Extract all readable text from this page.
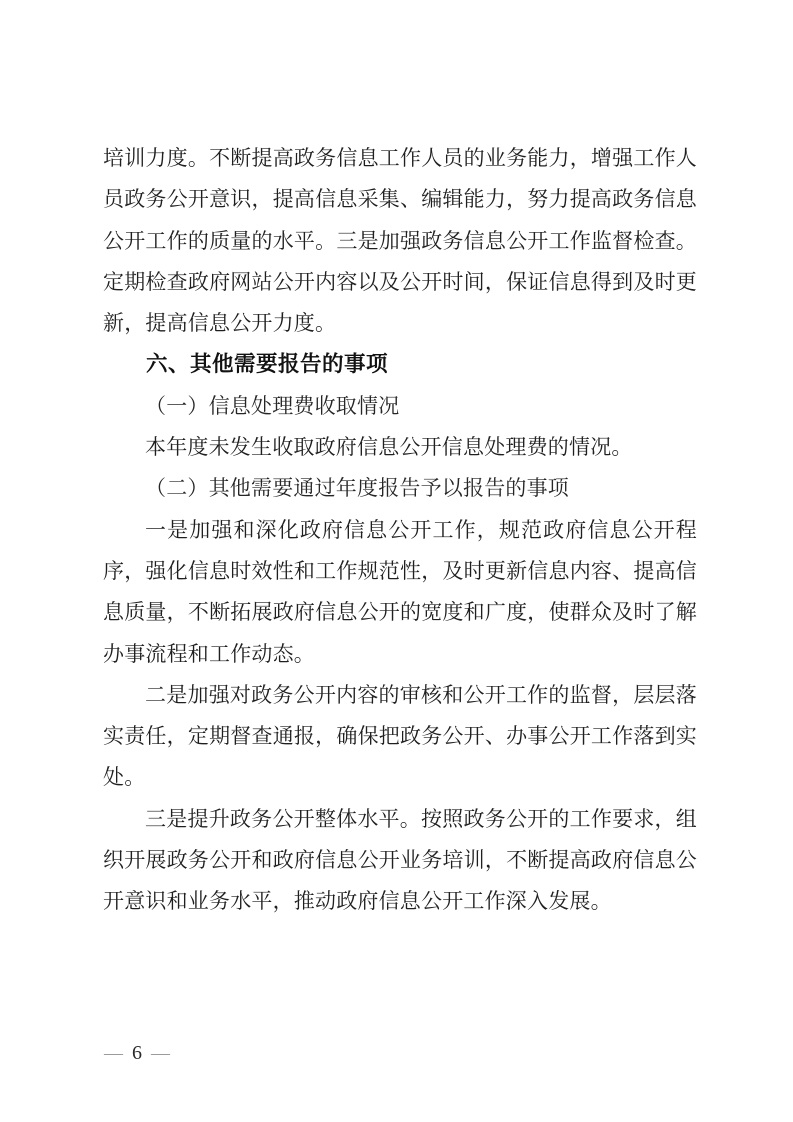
培训力度。不断提高政务信息工作人员的业务能力，增强工作人员政务公开意识，提高信息采集、编辑能力，努力提高政务信息公开工作的质量的水平。三是加强政务信息公开工作监督检查。定期检查政府网站公开内容以及公开时间，保证信息得到及时更新，提高信息公开力度。

六、其他需要报告的事项

（一）信息处理费收取情况

本年度未发生收取政府信息公开信息处理费的情况。

（二）其他需要通过年度报告予以报告的事项

一是加强和深化政府信息公开工作，规范政府信息公开程序，强化信息时效性和工作规范性，及时更新信息内容、提高信息质量，不断拓展政府信息公开的宽度和广度，使群众及时了解办事流程和工作动态。

二是加强对政务公开内容的审核和公开工作的监督，层层落实责任，定期督查通报，确保把政务公开、办事公开工作落到实处。

三是提升政务公开整体水平。按照政务公开的工作要求，组织开展政务公开和政府信息公开业务培训，不断提高政府信息公开意识和业务水平，推动政府信息公开工作深入发展。

— 6 —
